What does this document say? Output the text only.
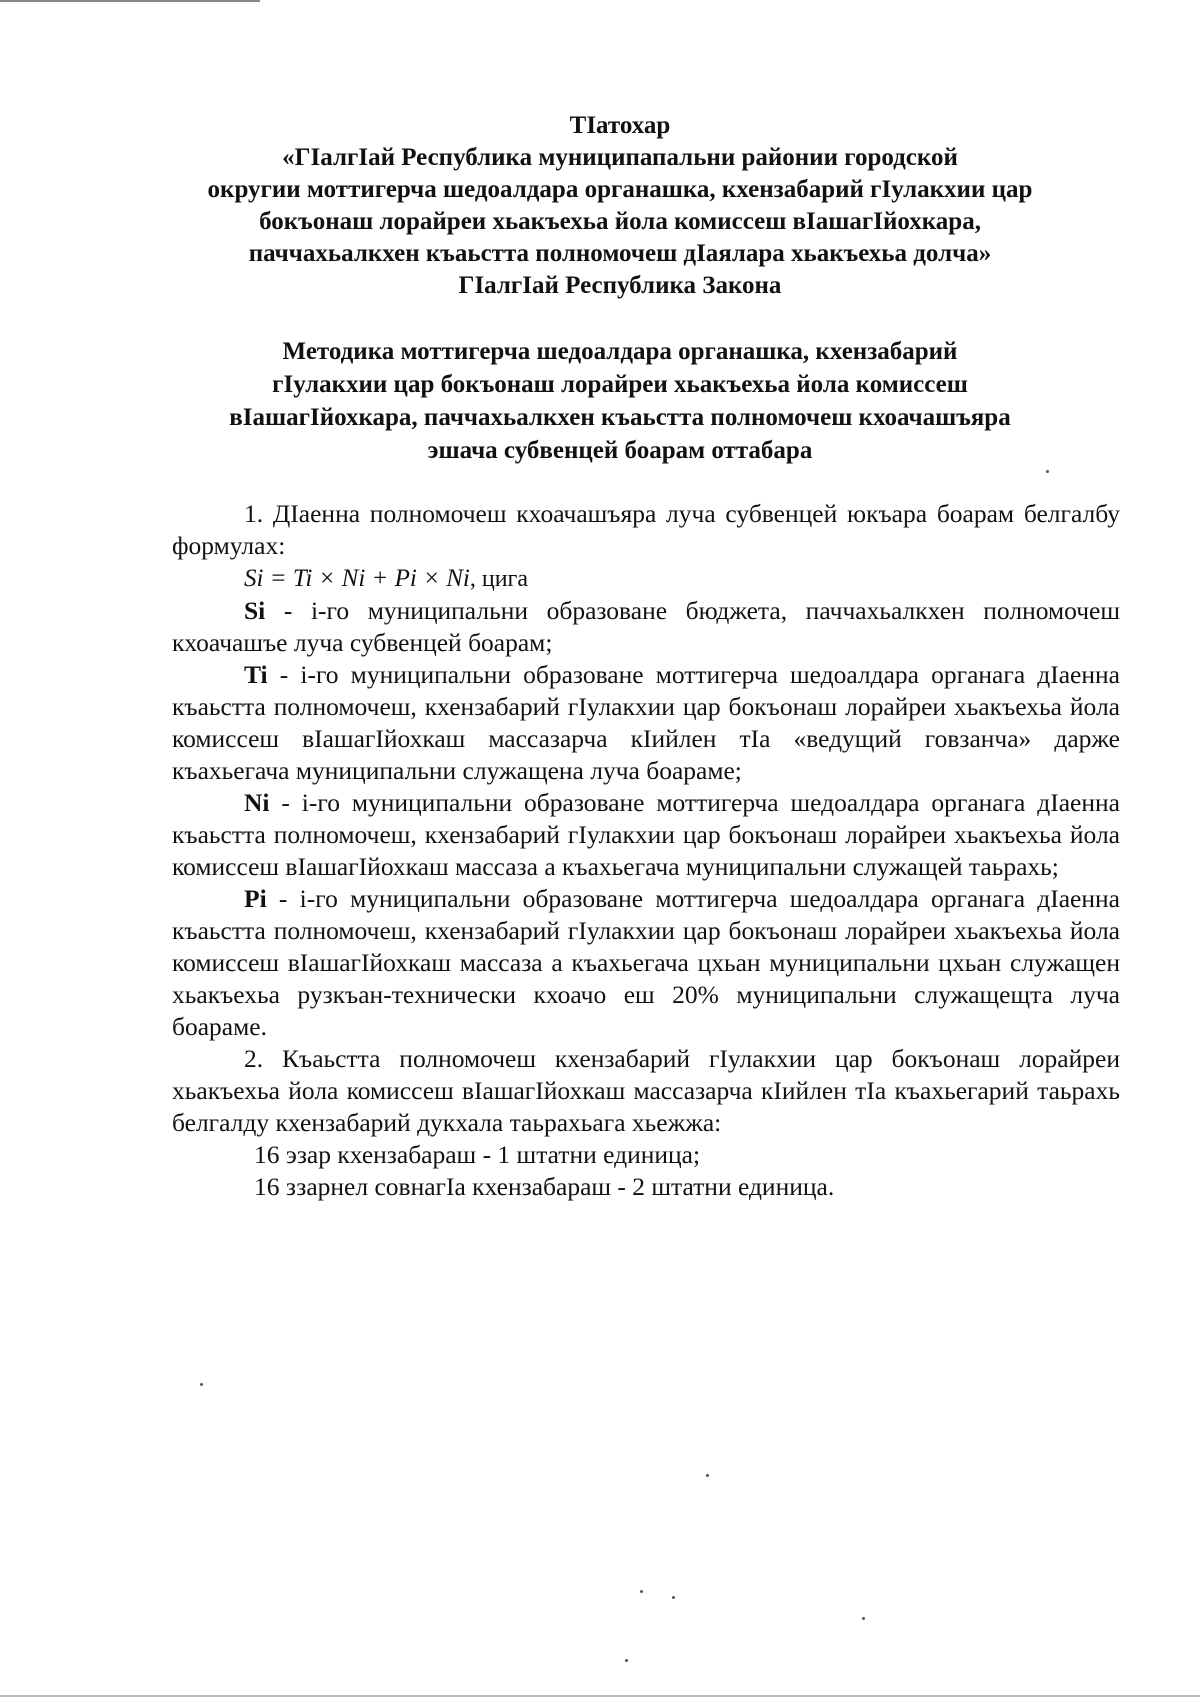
ТIатохар

«ГIалгIай Республика муниципапальни районии городской

округии моттигерча шедоалдара органашка, кхензабарий гIулакхии цар

бокъонаш лорайреи хьакъехьа йола комиссеш вIашагIйохкара,

паччахьалкхен къаьстта полномочеш дIаялара хьакъехьа долча»

ГIалгIай Республика Закона

Методика моттигерча шедоалдара органашка, кхензабарий

гIулакхии цар бокъонаш лорайреи хьакъехьа йола комиссеш

вIашагIйохкара, паччахьалкхен къаьстта полномочеш кхоачашъяра

эшача субвенцей боарам оттабара

1. ДIаенна полномочеш кхоачашъяра луча субвенцей юкъара боарам белгалбу формулах:

Si = Ti × Ni + Pi × Ni, цига

Si - i-го муниципальни образоване бюджета, паччахьалкхен полномочеш кхоачашъе луча субвенцей боарам;

Ti - i-го муниципальни образоване моттигерча шедоалдара органага дIаенна къаьстта полномочеш, кхензабарий гIулакхии цар бокъонаш лорайреи хьакъехьа йола комиссеш вIашагIйохкаш массазарча кIийлен тIа «ведущий говзанча» дарже къахьегача муниципальни служащена луча боараме;

Ni - i-го муниципальни образоване моттигерча шедоалдара органага дIаенна къаьстта полномочеш, кхензабарий гIулакхии цар бокъонаш лорайреи хьакъехьа йола комиссеш вIашагIйохкаш массаза а къахьегача муниципальни служащей таьрахь;

Pi - i-го муниципальни образоване моттигерча шедоалдара органага дIаенна къаьстта полномочеш, кхензабарий гIулакхии цар бокъонаш лорайреи хьакъехьа йола комиссеш вIашагIйохкаш массаза а къахьегача цхьан муниципальни цхьан служащен хьакъехьа рузкъан-технически кхоачо еш 20% муниципальни служащещта луча боараме.

2. Къаьстта полномочеш кхензабарий гIулакхии цар бокъонаш лорайреи хьакъехьа йола комиссеш вIашагIйохкаш массазарча кIийлен тIа къахьегарий таьрахь белгалду кхензабарий дукхала таьрахьага хьежжа:

16 эзар кхензабараш - 1 штатни единица;

16 ззарнел совнагIа кхензабараш - 2 штатни единица.
